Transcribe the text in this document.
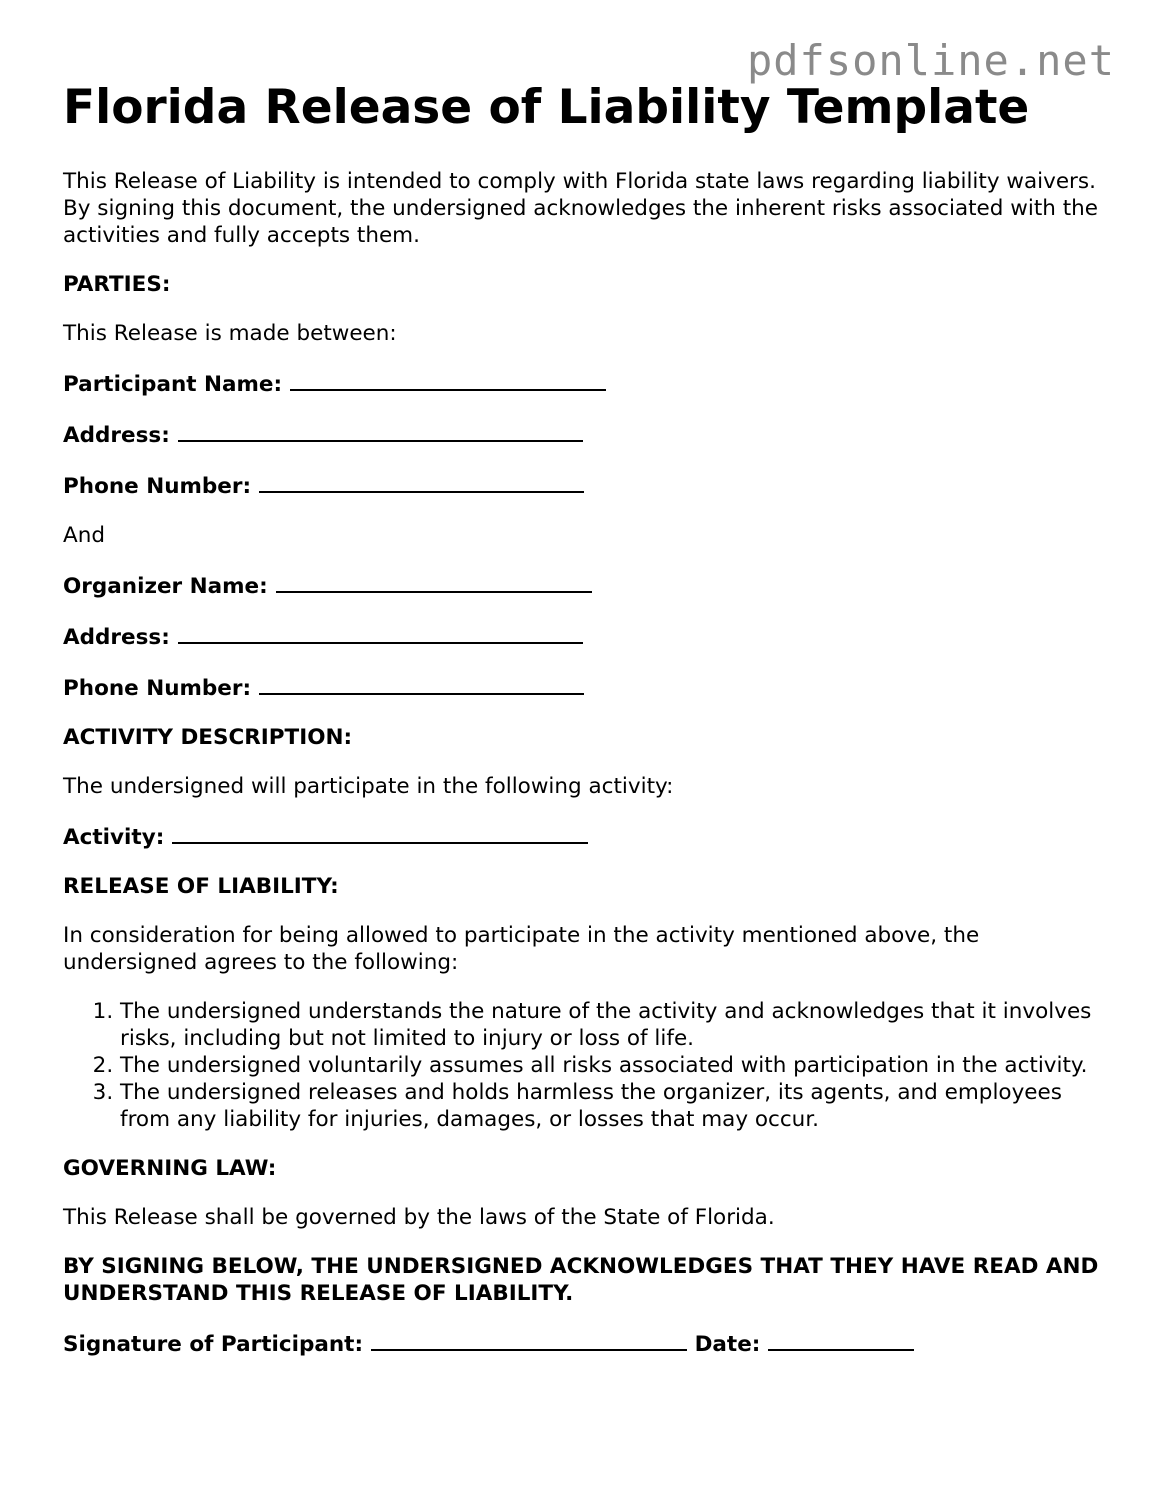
pdfsonline.net
Florida Release of Liability Template

This Release of Liability is intended to comply with Florida state laws regarding liability waivers. By signing this document, the undersigned acknowledges the inherent risks associated with the activities and fully accepts them.

PARTIES:

This Release is made between:

Participant Name:

Address:

Phone Number:

And

Organizer Name:

Address:

Phone Number:

ACTIVITY DESCRIPTION:

The undersigned will participate in the following activity:

Activity:

RELEASE OF LIABILITY:

In consideration for being allowed to participate in the activity mentioned above, the undersigned agrees to the following:

1. The undersigned understands the nature of the activity and acknowledges that it involves risks, including but not limited to injury or loss of life.
2. The undersigned voluntarily assumes all risks associated with participation in the activity.
3. The undersigned releases and holds harmless the organizer, its agents, and employees from any liability for injuries, damages, or losses that may occur.

GOVERNING LAW:

This Release shall be governed by the laws of the State of Florida.

BY SIGNING BELOW, THE UNDERSIGNED ACKNOWLEDGES THAT THEY HAVE READ AND UNDERSTAND THIS RELEASE OF LIABILITY.

Signature of Participant:	Date:
